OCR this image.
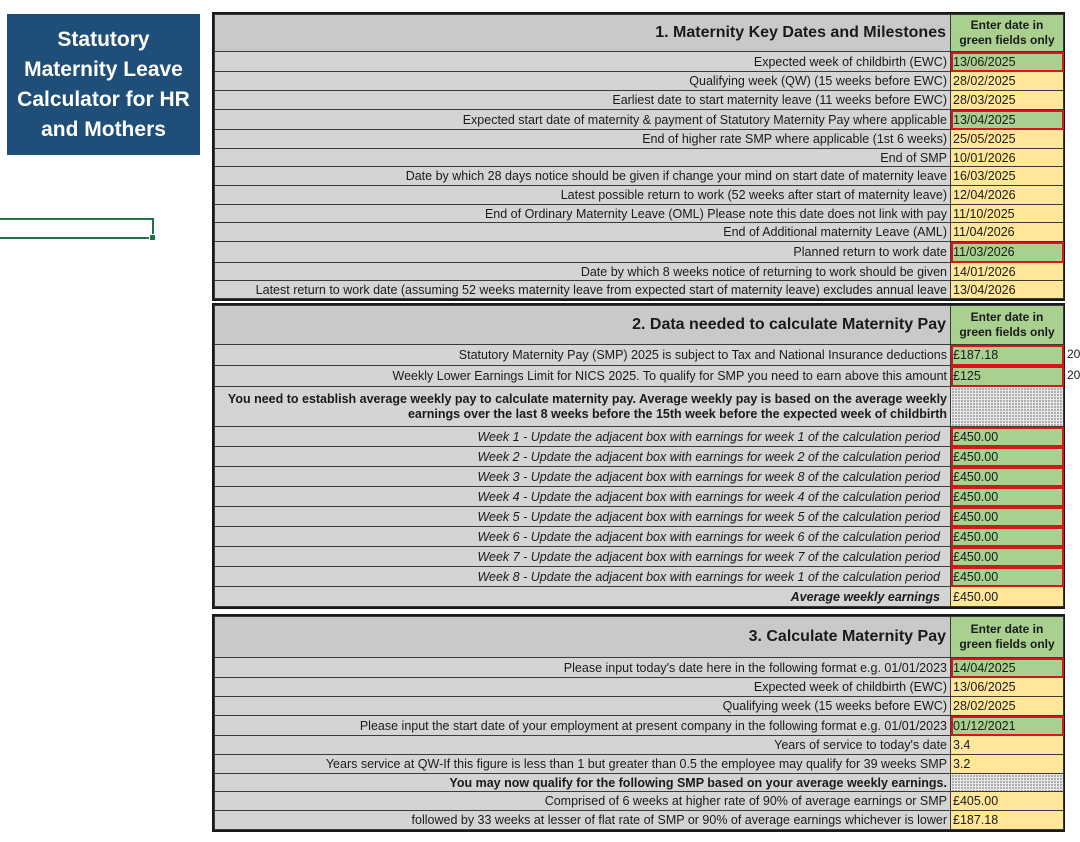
Statutory Maternity Leave Calculator for HR and Mothers
1. Maternity Key Dates and Milestones	Enter date in green fields only
Expected week of childbirth (EWC)	13/06/2025
Qualifying week (QW) (15 weeks before EWC)	28/02/2025
Earliest date to start maternity leave (11 weeks before EWC)	28/03/2025
Expected start date of maternity & payment of Statutory Maternity Pay where applicable	13/04/2025
End of higher rate SMP where applicable (1st 6 weeks)	25/05/2025
End of SMP	10/01/2026
Date by which 28 days notice should be given if change your mind on start date of maternity leave	16/03/2025
Latest possible return to work (52 weeks after start of maternity leave)	12/04/2026
End of Ordinary Maternity Leave (OML) Please note this date does not link with pay	11/10/2025
End of Additional maternity Leave (AML)	11/04/2026
Planned return to work date	11/03/2026
Date by which 8 weeks notice of returning to work should be given	14/01/2026
Latest return to work date (assuming 52 weeks maternity leave from expected start of maternity leave) excludes annual leave	13/04/2026
2. Data needed to calculate Maternity Pay	Enter date in green fields only
Statutory Maternity Pay (SMP) 2025 is subject to Tax and National Insurance deductions	£187.18
Weekly Lower Earnings Limit for NICS 2025. To qualify for SMP you need to earn above this amount	£125
You need to establish average weekly pay to calculate maternity pay. Average weekly pay is based on the average weekly earnings over the last 8 weeks before the 15th week before the expected week of childbirth	
Week 1 - Update the adjacent box with earnings for week 1 of the calculation period	£450.00
Week 2 - Update the adjacent box with earnings for week 2 of the calculation period	£450.00
Week 3 - Update the adjacent box with earnings for week 8 of the calculation period	£450.00
Week 4 - Update the adjacent box with earnings for week 4 of the calculation period	£450.00
Week 5 - Update the adjacent box with earnings for week 5 of the calculation period	£450.00
Week 6 - Update the adjacent box with earnings for week 6 of the calculation period	£450.00
Week 7 - Update the adjacent box with earnings for week 7 of the calculation period	£450.00
Week 8 - Update the adjacent box with earnings for week 1 of the calculation period	£450.00
Average weekly earnings	£450.00
20
20
3. Calculate Maternity Pay	Enter date in green fields only
Please input today's date here in the following format e.g. 01/01/2023	14/04/2025
Expected week of childbirth (EWC)	13/06/2025
Qualifying week (15 weeks before EWC)	28/02/2025
Please input the start date of your employment at present company in the following format e.g. 01/01/2023	01/12/2021
Years of service to today's date	3.4
Years service at QW-If this figure is less than 1 but greater than 0.5 the employee may qualify for 39 weeks SMP	3.2
You may now qualify for the following SMP based on your average weekly earnings.	
Comprised of 6 weeks at higher rate of 90% of average earnings or SMP	£405.00
followed by 33 weeks at lesser of flat rate of SMP or 90% of average earnings whichever is lower	£187.18
